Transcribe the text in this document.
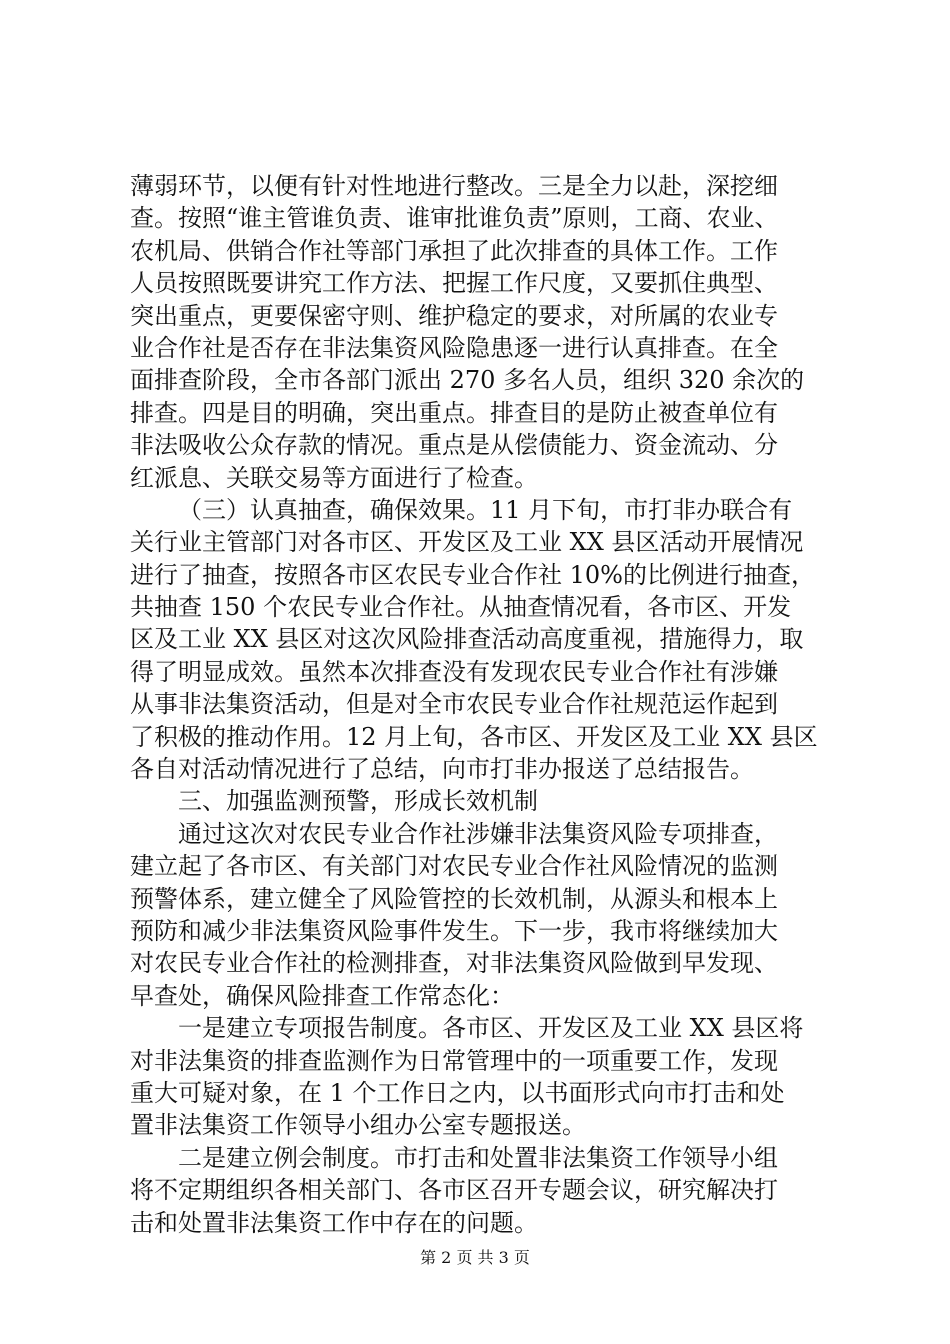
薄弱环节，以便有针对性地进行整改。三是全力以赴，深挖细
查。按照“谁主管谁负责、谁审批谁负责”原则，工商、农业、
农机局、供销合作社等部门承担了此次排查的具体工作。工作
人员按照既要讲究工作方法、把握工作尺度，又要抓住典型、
突出重点，更要保密守则、维护稳定的要求，对所属的农业专
业合作社是否存在非法集资风险隐患逐一进行认真排查。在全
面排查阶段，全市各部门派出 270 多名人员，组织 320 余次的
排查。四是目的明确，突出重点。排查目的是防止被查单位有
非法吸收公众存款的情况。重点是从偿债能力、资金流动、分
红派息、关联交易等方面进行了检查。
（三）认真抽查，确保效果。11 月下旬，市打非办联合有
关行业主管部门对各市区、开发区及工业 XX 县区活动开展情况
进行了抽查，按照各市区农民专业合作社 10%的比例进行抽查，
共抽查 150 个农民专业合作社。从抽查情况看，各市区、开发
区及工业 XX 县区对这次风险排查活动高度重视，措施得力，取
得了明显成效。虽然本次排查没有发现农民专业合作社有涉嫌
从事非法集资活动，但是对全市农民专业合作社规范运作起到
了积极的推动作用。12 月上旬，各市区、开发区及工业 XX 县区
各自对活动情况进行了总结，向市打非办报送了总结报告。
三、加强监测预警，形成长效机制
通过这次对农民专业合作社涉嫌非法集资风险专项排查，
建立起了各市区、有关部门对农民专业合作社风险情况的监测
预警体系，建立健全了风险管控的长效机制，从源头和根本上
预防和减少非法集资风险事件发生。下一步，我市将继续加大
对农民专业合作社的检测排查，对非法集资风险做到早发现、
早查处，确保风险排查工作常态化：
一是建立专项报告制度。各市区、开发区及工业 XX 县区将
对非法集资的排查监测作为日常管理中的一项重要工作，发现
重大可疑对象，在 1 个工作日之内，以书面形式向市打击和处
置非法集资工作领导小组办公室专题报送。
二是建立例会制度。市打击和处置非法集资工作领导小组
将不定期组织各相关部门、各市区召开专题会议，研究解决打
击和处置非法集资工作中存在的问题。
第 2 页 共 3 页
